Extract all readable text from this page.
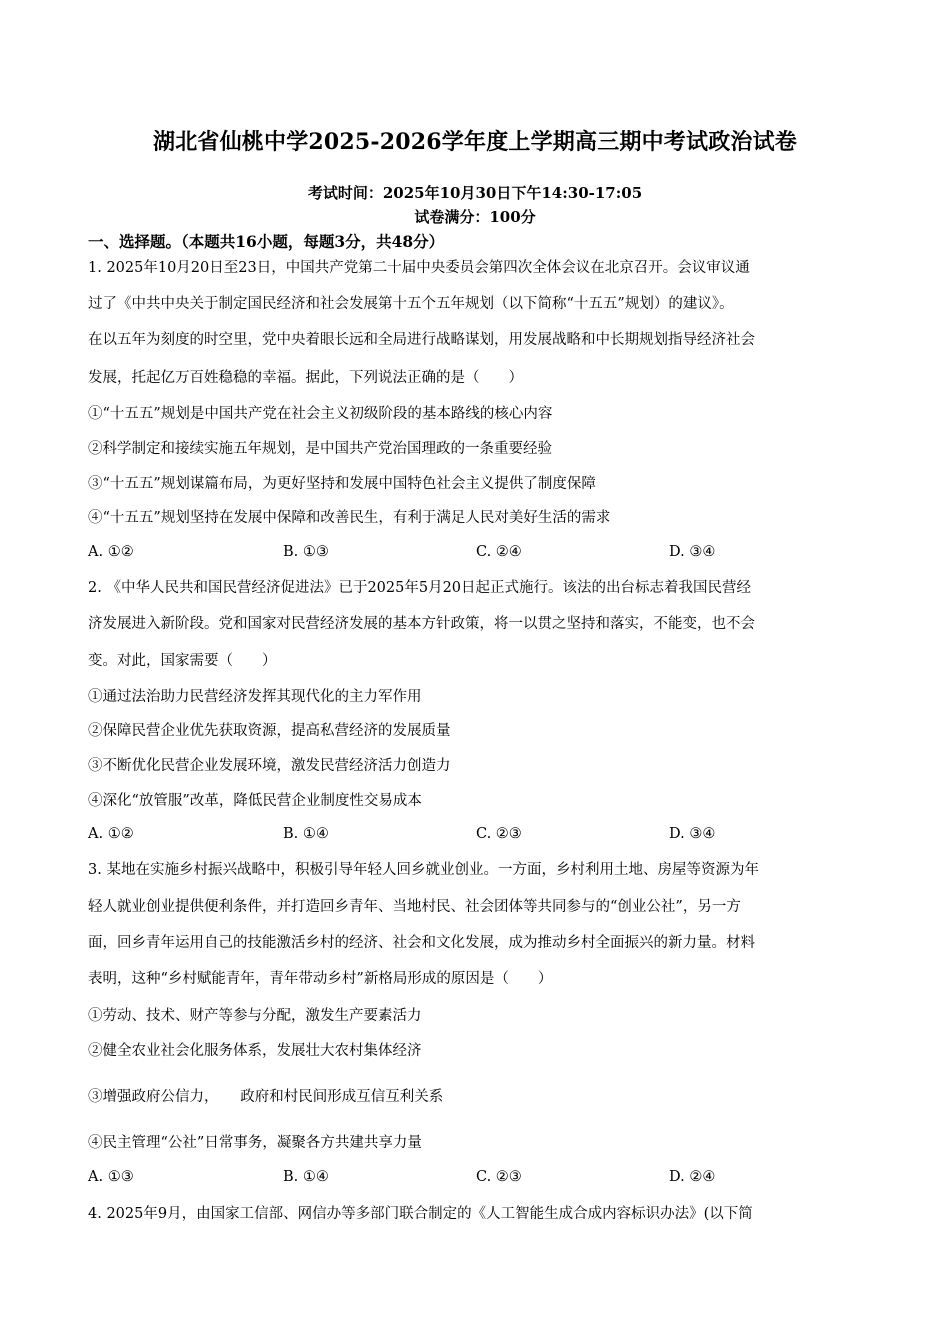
湖北省仙桃中学2025-2026学年度上学期高三期中考试政治试卷
考试时间：2025年10月30日下午14:30-17:05
试卷满分：100分
一、选择题。（本题共16小题，每题3分，共48分）
1. 2025年10月20日至23日，中国共产党第二十届中央委员会第四次全体会议在北京召开。会议审议通
过了《中共中央关于制定国民经济和社会发展第十五个五年规划（以下简称“十五五”规划）的建议》。
在以五年为刻度的时空里，党中央着眼长远和全局进行战略谋划，用发展战略和中长期规划指导经济社会
发展，托起亿万百姓稳稳的幸福。据此，下列说法正确的是（　　）
①“十五五”规划是中国共产党在社会主义初级阶段的基本路线的核心内容
②科学制定和接续实施五年规划，是中国共产党治国理政的一条重要经验
③“十五五”规划谋篇布局，为更好坚持和发展中国特色社会主义提供了制度保障
④“十五五”规划坚持在发展中保障和改善民生，有利于满足人民对美好生活的需求
A. ①②	B. ①③	C. ②④	D. ③④
2. 《中华人民共和国民营经济促进法》已于2025年5月20日起正式施行。该法的出台标志着我国民营经
济发展进入新阶段。党和国家对民营经济发展的基本方针政策，将一以贯之坚持和落实，不能变，也不会
变。对此，国家需要（　　）
①通过法治助力民营经济发挥其现代化的主力军作用
②保障民营企业优先获取资源，提高私营经济的发展质量
③不断优化民营企业发展环境，激发民营经济活力创造力
④深化“放管服”改革，降低民营企业制度性交易成本
A. ①②	B. ①④	C. ②③	D. ③④
3. 某地在实施乡村振兴战略中，积极引导年轻人回乡就业创业。一方面，乡村利用土地、房屋等资源为年
轻人就业创业提供便利条件，并打造回乡青年、当地村民、社会团体等共同参与的“创业公社”，另一方
面，回乡青年运用自己的技能激活乡村的经济、社会和文化发展，成为推动乡村全面振兴的新力量。材料
表明，这种“乡村赋能青年，青年带动乡村”新格局形成的原因是（　　）
①劳动、技术、财产等参与分配，激发生产要素活力
②健全农业社会化服务体系，发展壮大农村集体经济
③增强政府公信力，　　政府和村民间形成互信互利关系
④民主管理“公社”日常事务，凝聚各方共建共享力量
A. ①③	B. ①④	C. ②③	D. ②④
4. 2025年9月，由国家工信部、网信办等多部门联合制定的《人工智能生成合成内容标识办法》(以下简
